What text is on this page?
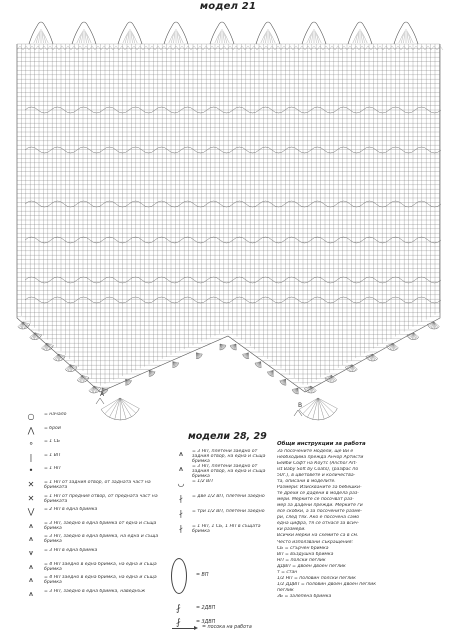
модел 21
A
B
○	= начало
⋀	= брой
∘	= 1 СБ
|	= 1 ВП
•	= 1 НП
✕	= 1 НП от задния отвор, от задната част на бримката
✕	= 1 НП от предния отвор, от предната част на бримката
⋁	= 2 НП в една бримка
⩚	= 3 НП, заедно в една бримка от една и съща бримка
⩚	= 3 НП, заедно в една бримка, на една и съща бримка
⩛	= 3 НП в една бримка
⩚	= 4 НП заедно в една бримка, на една и съща бримка
⩚	= 4 НП заедно в една бримка, на една и съща бримка
⩚	= 3 НП, заедно в една бримка, наведнъж
модели 28, 29
⩚	= 3 НП, плетени заедно от задния отвор, на една и съща бримка
⩚	= 3 НП, плетени заедно от задния отвор, на една и съща бримка
◡	= 1/2 ВП
∤	= две 1/2 ВП, плетени заедно
∤	= три 1/2 ВП, плетени заедно
∤	= 1 НП, 1 СБ, 1 НП в същата бримка
= ВП
⨏	= 2ДВП
⨏	= 3ДВП
= посока на работа
Общи инструкции за работа
За посочените модели, ще Ви е
необходима прежда Анчор Артисти
Бейби Софт на Коутс (Anchor Art-
ist Baby Soft by Coats), (разфас по
50г.), в цветовете и количества-
та, описани в моделите.
Размери: Изискваните за бебешки-
те дрехи се дадени в модела раз-
мери. Мерките се посочват раз-
мер за дадени прежди. Мерките ги
ясе скобки, а за посочените разме-
ри, след тях. Ако е посочена само
една цифра, тя се отнася за всич-
ки размери.
Всички мерки на схемите са в см.
Често използвани съкращения:
СБ = сгърчен бримка
ВП = въздушна бримка
НП = полски пеглик
ДДВП = двоен двоен пеглик
т = стан
1/2 НП = половин полски пеглик
1/2 ДДВП = половин двоен двоен пеглик
пеглик
ЗБ = залепена бримка
